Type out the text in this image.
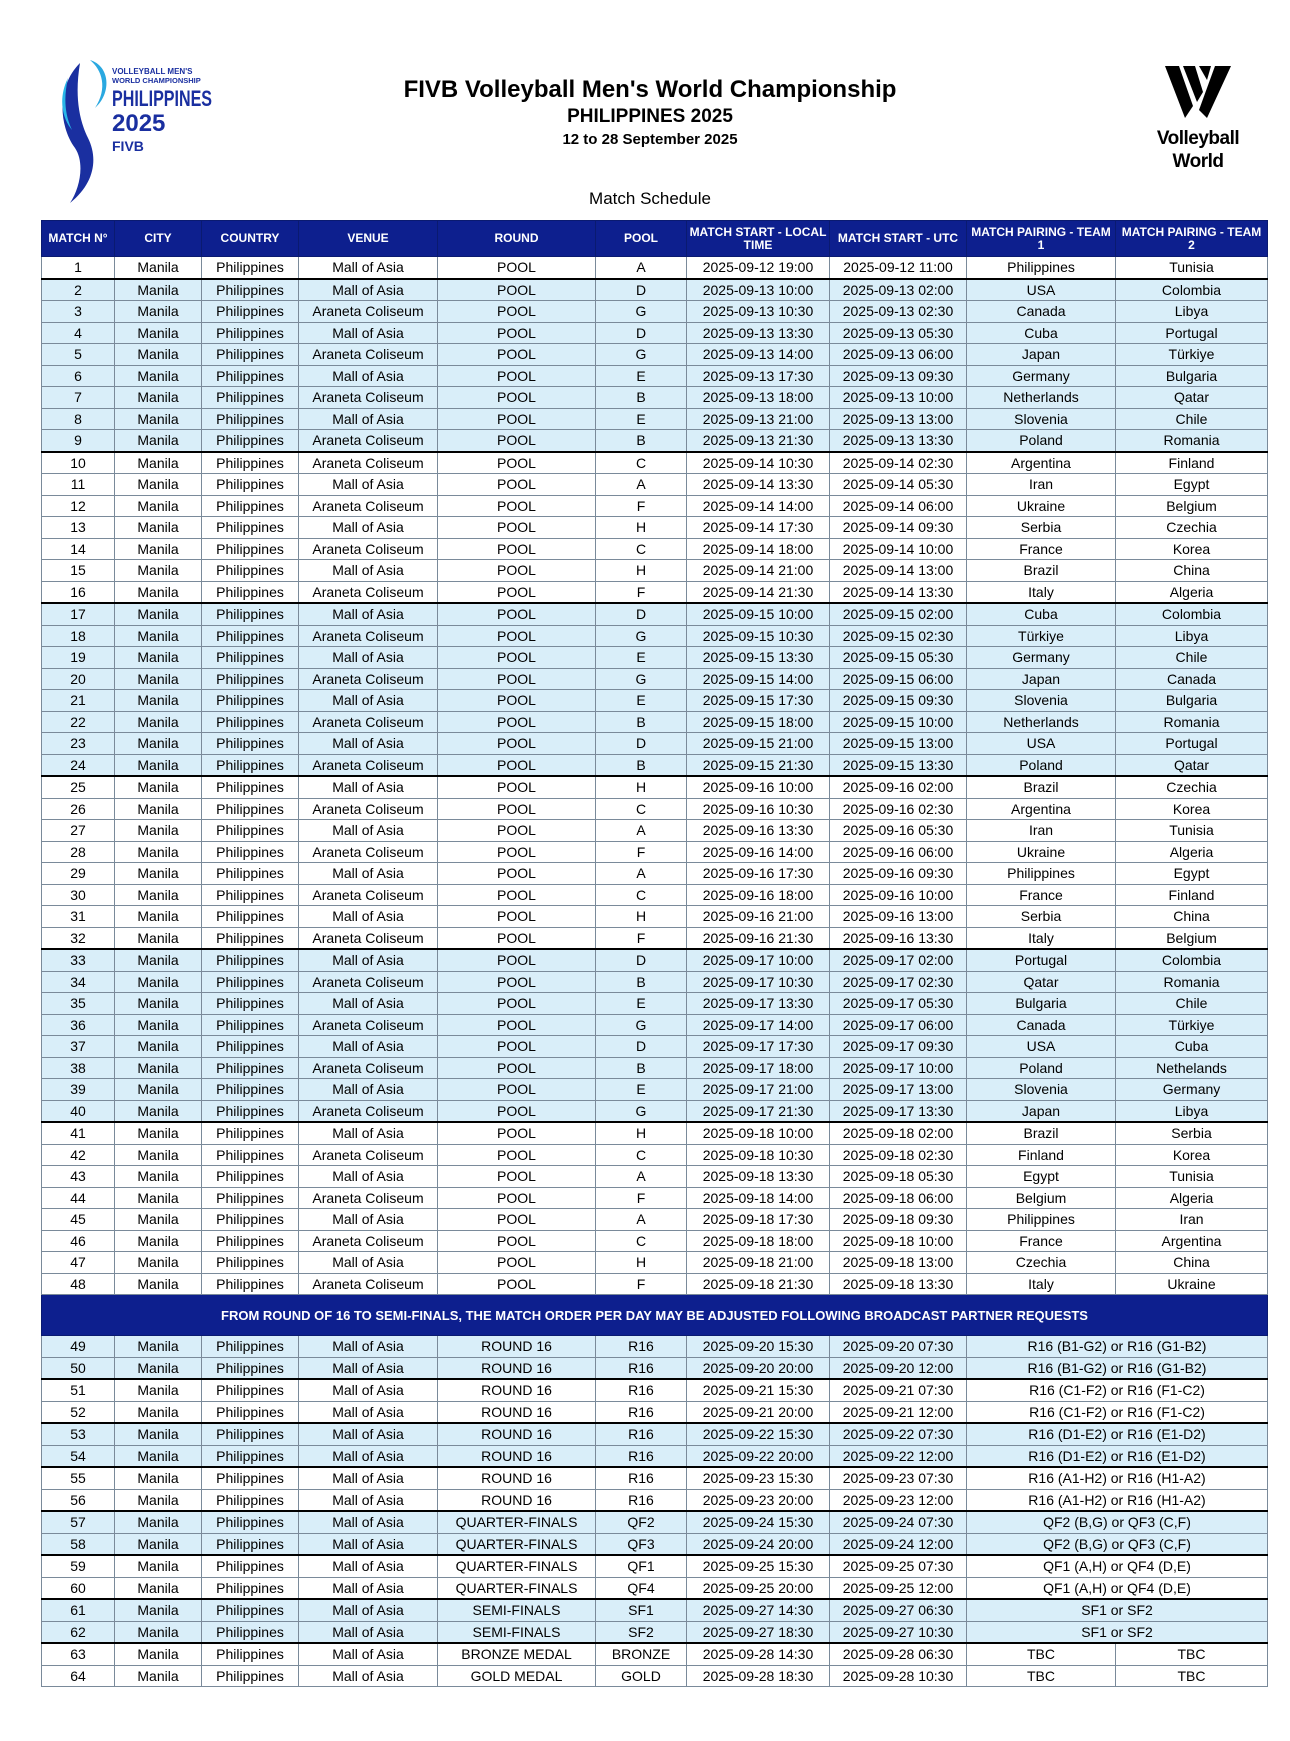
VOLLEYBALL MEN'S
WORLD CHAMPIONSHIP
PHILIPPINES
2025
FIVB
FIVB Volleyball Men's World Championship
PHILIPPINES 2025
12 to 28 September 2025
Match Schedule
Volleyball
World
MATCH N°	CITY	COUNTRY	VENUE	ROUND	POOL	MATCH START - LOCAL TIME	MATCH START - UTC	MATCH PAIRING - TEAM 1	MATCH PAIRING - TEAM 2
1	Manila	Philippines	Mall of Asia	POOL	A	2025-09-12 19:00	2025-09-12 11:00	Philippines	Tunisia
2	Manila	Philippines	Mall of Asia	POOL	D	2025-09-13 10:00	2025-09-13 02:00	USA	Colombia
3	Manila	Philippines	Araneta Coliseum	POOL	G	2025-09-13 10:30	2025-09-13 02:30	Canada	Libya
4	Manila	Philippines	Mall of Asia	POOL	D	2025-09-13 13:30	2025-09-13 05:30	Cuba	Portugal
5	Manila	Philippines	Araneta Coliseum	POOL	G	2025-09-13 14:00	2025-09-13 06:00	Japan	Türkiye
6	Manila	Philippines	Mall of Asia	POOL	E	2025-09-13 17:30	2025-09-13 09:30	Germany	Bulgaria
7	Manila	Philippines	Araneta Coliseum	POOL	B	2025-09-13 18:00	2025-09-13 10:00	Netherlands	Qatar
8	Manila	Philippines	Mall of Asia	POOL	E	2025-09-13 21:00	2025-09-13 13:00	Slovenia	Chile
9	Manila	Philippines	Araneta Coliseum	POOL	B	2025-09-13 21:30	2025-09-13 13:30	Poland	Romania
10	Manila	Philippines	Araneta Coliseum	POOL	C	2025-09-14 10:30	2025-09-14 02:30	Argentina	Finland
11	Manila	Philippines	Mall of Asia	POOL	A	2025-09-14 13:30	2025-09-14 05:30	Iran	Egypt
12	Manila	Philippines	Araneta Coliseum	POOL	F	2025-09-14 14:00	2025-09-14 06:00	Ukraine	Belgium
13	Manila	Philippines	Mall of Asia	POOL	H	2025-09-14 17:30	2025-09-14 09:30	Serbia	Czechia
14	Manila	Philippines	Araneta Coliseum	POOL	C	2025-09-14 18:00	2025-09-14 10:00	France	Korea
15	Manila	Philippines	Mall of Asia	POOL	H	2025-09-14 21:00	2025-09-14 13:00	Brazil	China
16	Manila	Philippines	Araneta Coliseum	POOL	F	2025-09-14 21:30	2025-09-14 13:30	Italy	Algeria
17	Manila	Philippines	Mall of Asia	POOL	D	2025-09-15 10:00	2025-09-15 02:00	Cuba	Colombia
18	Manila	Philippines	Araneta Coliseum	POOL	G	2025-09-15 10:30	2025-09-15 02:30	Türkiye	Libya
19	Manila	Philippines	Mall of Asia	POOL	E	2025-09-15 13:30	2025-09-15 05:30	Germany	Chile
20	Manila	Philippines	Araneta Coliseum	POOL	G	2025-09-15 14:00	2025-09-15 06:00	Japan	Canada
21	Manila	Philippines	Mall of Asia	POOL	E	2025-09-15 17:30	2025-09-15 09:30	Slovenia	Bulgaria
22	Manila	Philippines	Araneta Coliseum	POOL	B	2025-09-15 18:00	2025-09-15 10:00	Netherlands	Romania
23	Manila	Philippines	Mall of Asia	POOL	D	2025-09-15 21:00	2025-09-15 13:00	USA	Portugal
24	Manila	Philippines	Araneta Coliseum	POOL	B	2025-09-15 21:30	2025-09-15 13:30	Poland	Qatar
25	Manila	Philippines	Mall of Asia	POOL	H	2025-09-16 10:00	2025-09-16 02:00	Brazil	Czechia
26	Manila	Philippines	Araneta Coliseum	POOL	C	2025-09-16 10:30	2025-09-16 02:30	Argentina	Korea
27	Manila	Philippines	Mall of Asia	POOL	A	2025-09-16 13:30	2025-09-16 05:30	Iran	Tunisia
28	Manila	Philippines	Araneta Coliseum	POOL	F	2025-09-16 14:00	2025-09-16 06:00	Ukraine	Algeria
29	Manila	Philippines	Mall of Asia	POOL	A	2025-09-16 17:30	2025-09-16 09:30	Philippines	Egypt
30	Manila	Philippines	Araneta Coliseum	POOL	C	2025-09-16 18:00	2025-09-16 10:00	France	Finland
31	Manila	Philippines	Mall of Asia	POOL	H	2025-09-16 21:00	2025-09-16 13:00	Serbia	China
32	Manila	Philippines	Araneta Coliseum	POOL	F	2025-09-16 21:30	2025-09-16 13:30	Italy	Belgium
33	Manila	Philippines	Mall of Asia	POOL	D	2025-09-17 10:00	2025-09-17 02:00	Portugal	Colombia
34	Manila	Philippines	Araneta Coliseum	POOL	B	2025-09-17 10:30	2025-09-17 02:30	Qatar	Romania
35	Manila	Philippines	Mall of Asia	POOL	E	2025-09-17 13:30	2025-09-17 05:30	Bulgaria	Chile
36	Manila	Philippines	Araneta Coliseum	POOL	G	2025-09-17 14:00	2025-09-17 06:00	Canada	Türkiye
37	Manila	Philippines	Mall of Asia	POOL	D	2025-09-17 17:30	2025-09-17 09:30	USA	Cuba
38	Manila	Philippines	Araneta Coliseum	POOL	B	2025-09-17 18:00	2025-09-17 10:00	Poland	Nethelands
39	Manila	Philippines	Mall of Asia	POOL	E	2025-09-17 21:00	2025-09-17 13:00	Slovenia	Germany
40	Manila	Philippines	Araneta Coliseum	POOL	G	2025-09-17 21:30	2025-09-17 13:30	Japan	Libya
41	Manila	Philippines	Mall of Asia	POOL	H	2025-09-18 10:00	2025-09-18 02:00	Brazil	Serbia
42	Manila	Philippines	Araneta Coliseum	POOL	C	2025-09-18 10:30	2025-09-18 02:30	Finland	Korea
43	Manila	Philippines	Mall of Asia	POOL	A	2025-09-18 13:30	2025-09-18 05:30	Egypt	Tunisia
44	Manila	Philippines	Araneta Coliseum	POOL	F	2025-09-18 14:00	2025-09-18 06:00	Belgium	Algeria
45	Manila	Philippines	Mall of Asia	POOL	A	2025-09-18 17:30	2025-09-18 09:30	Philippines	Iran
46	Manila	Philippines	Araneta Coliseum	POOL	C	2025-09-18 18:00	2025-09-18 10:00	France	Argentina
47	Manila	Philippines	Mall of Asia	POOL	H	2025-09-18 21:00	2025-09-18 13:00	Czechia	China
48	Manila	Philippines	Araneta Coliseum	POOL	F	2025-09-18 21:30	2025-09-18 13:30	Italy	Ukraine
FROM ROUND OF 16 TO SEMI-FINALS, THE MATCH ORDER PER DAY MAY BE ADJUSTED FOLLOWING BROADCAST PARTNER REQUESTS									
49	Manila	Philippines	Mall of Asia	ROUND 16	R16	2025-09-20 15:30	2025-09-20 07:30	R16 (B1-G2) or R16 (G1-B2)	
50	Manila	Philippines	Mall of Asia	ROUND 16	R16	2025-09-20 20:00	2025-09-20 12:00	R16 (B1-G2) or R16 (G1-B2)	
51	Manila	Philippines	Mall of Asia	ROUND 16	R16	2025-09-21 15:30	2025-09-21 07:30	R16 (C1-F2) or R16 (F1-C2)	
52	Manila	Philippines	Mall of Asia	ROUND 16	R16	2025-09-21 20:00	2025-09-21 12:00	R16 (C1-F2) or R16 (F1-C2)	
53	Manila	Philippines	Mall of Asia	ROUND 16	R16	2025-09-22 15:30	2025-09-22 07:30	R16 (D1-E2) or R16 (E1-D2)	
54	Manila	Philippines	Mall of Asia	ROUND 16	R16	2025-09-22 20:00	2025-09-22 12:00	R16 (D1-E2) or R16 (E1-D2)	
55	Manila	Philippines	Mall of Asia	ROUND 16	R16	2025-09-23 15:30	2025-09-23 07:30	R16 (A1-H2) or R16 (H1-A2)	
56	Manila	Philippines	Mall of Asia	ROUND 16	R16	2025-09-23 20:00	2025-09-23 12:00	R16 (A1-H2) or R16 (H1-A2)	
57	Manila	Philippines	Mall of Asia	QUARTER-FINALS	QF2	2025-09-24 15:30	2025-09-24 07:30	QF2 (B,G) or QF3 (C,F)	
58	Manila	Philippines	Mall of Asia	QUARTER-FINALS	QF3	2025-09-24 20:00	2025-09-24 12:00	QF2 (B,G) or QF3 (C,F)	
59	Manila	Philippines	Mall of Asia	QUARTER-FINALS	QF1	2025-09-25 15:30	2025-09-25 07:30	QF1 (A,H) or QF4 (D,E)	
60	Manila	Philippines	Mall of Asia	QUARTER-FINALS	QF4	2025-09-25 20:00	2025-09-25 12:00	QF1 (A,H) or QF4 (D,E)	
61	Manila	Philippines	Mall of Asia	SEMI-FINALS	SF1	2025-09-27 14:30	2025-09-27 06:30	SF1 or SF2	
62	Manila	Philippines	Mall of Asia	SEMI-FINALS	SF2	2025-09-27 18:30	2025-09-27 10:30	SF1 or SF2	
63	Manila	Philippines	Mall of Asia	BRONZE MEDAL	BRONZE	2025-09-28 14:30	2025-09-28 06:30	TBC	TBC
64	Manila	Philippines	Mall of Asia	GOLD MEDAL	GOLD	2025-09-28 18:30	2025-09-28 10:30	TBC	TBC
